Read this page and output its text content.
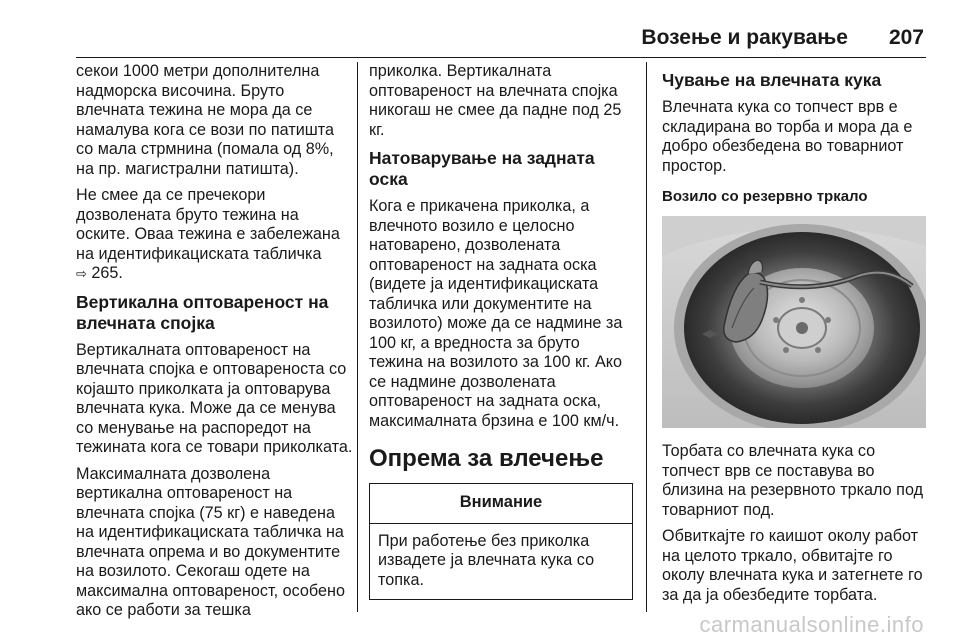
Возење и ракување 207

секои 1000 метри дополнителна надморска височина. Бруто влечната тежина не мора да се намалува кога се вози по патишта со мала стрмнина (помала од 8%, на пр. магистрални патишта).

Не смее да се пречекори дозволената бруто тежина на оските. Оваа тежина е забележана на идентификациската табличка
⇨ 265.

Вертикална оптовареност на влечната спојка

Вертикалната оптовареност на влечната спојка е оптовареноста со којашто приколката ја оптоварува влечната кука. Може да се менува со менување на распоредот на тежината кога се товари приколката.

Максималната дозволена вертикална оптовареност на влечната спојка (75 кг) е наведена на идентификациската табличка на влечната опрема и во документите на возилото. Секогаш одете на максимална оптовареност, особено ако се работи за тешка

приколка. Вертикалната оптовареност на влечната спојка никогаш не смее да падне под 25 кг.

Натоварување на задната оска

Кога е прикачена приколка, а влечното возило е целосно натоварено, дозволената оптовареност на задната оска (видете ја идентификациската табличка или документите на возилото) може да се надмине за 100 кг, а вредноста за бруто тежина на возилото за 100 кг. Ако се надмине дозволената оптовареност на задната оска, максималната брзина е 100 км/ч.

Опрема за влечење
Внимание
При работење без приколка извадете ја влечната кука со топка.
Чување на влечната кука

Влечната кука со топчест врв е складирана во торба и мора да е добро обезбедена во товарниот простор.

Возило со резервно тркало

Торбата со влечната кука со топчест врв се поставува во близина на резервното тркало под товарниот под.

Обвиткајте го каишот околу работ на целото тркало, обвитајте го околу влечната кука и затегнете го за да ја обезбедите торбата.

carmanualsonline.info
